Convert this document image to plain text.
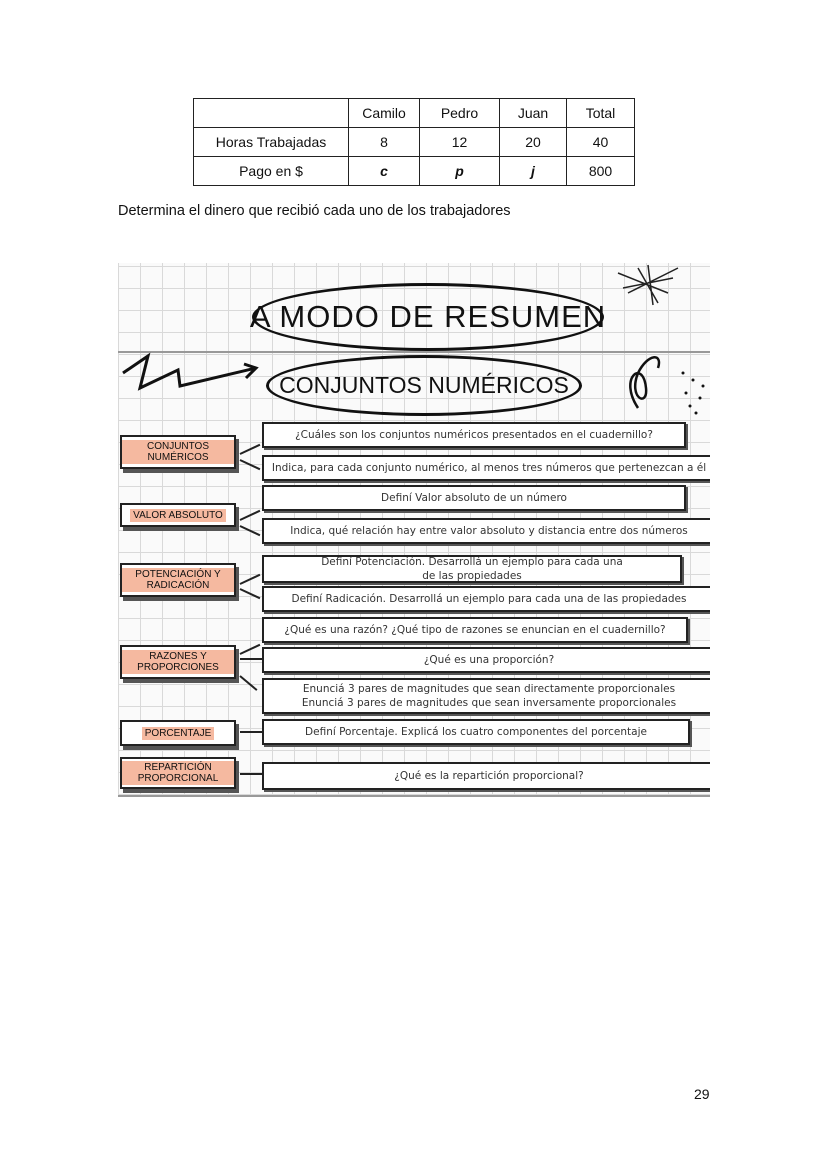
	Camilo	Pedro	Juan	Total
Horas Trabajadas	8	12	20	40
Pago en $	c	p	j	800
Determina el dinero que recibió cada uno de los trabajadores
A MODO DE RESUMEN
CONJUNTOS NUMÉRICOS
CONJUNTOS NUMÉRICOS
VALOR ABSOLUTO
POTENCIACIÓN Y RADICACIÓN
RAZONES Y PROPORCIONES
PORCENTAJE
REPARTICIÓN PROPORCIONAL
¿Cuáles son los conjuntos numéricos presentados en el cuadernillo?
Indica, para cada conjunto numérico, al menos tres números que pertenezcan a él
Definí Valor absoluto de un número
Indica, qué relación hay entre valor absoluto y distancia entre dos números
Definí Potenciación. Desarrollá un ejemplo para cada una de las propiedades
Definí Radicación. Desarrollá un ejemplo para cada una de las propiedades
¿Qué es una razón? ¿Qué tipo de razones se enuncian en el cuadernillo?
¿Qué es una proporción?
Enunciá 3 pares de magnitudes que sean directamente proporcionales
Enunciá 3 pares de magnitudes que sean inversamente proporcionales
Definí Porcentaje. Explicá los cuatro componentes del porcentaje
¿Qué es la repartición proporcional?
29
